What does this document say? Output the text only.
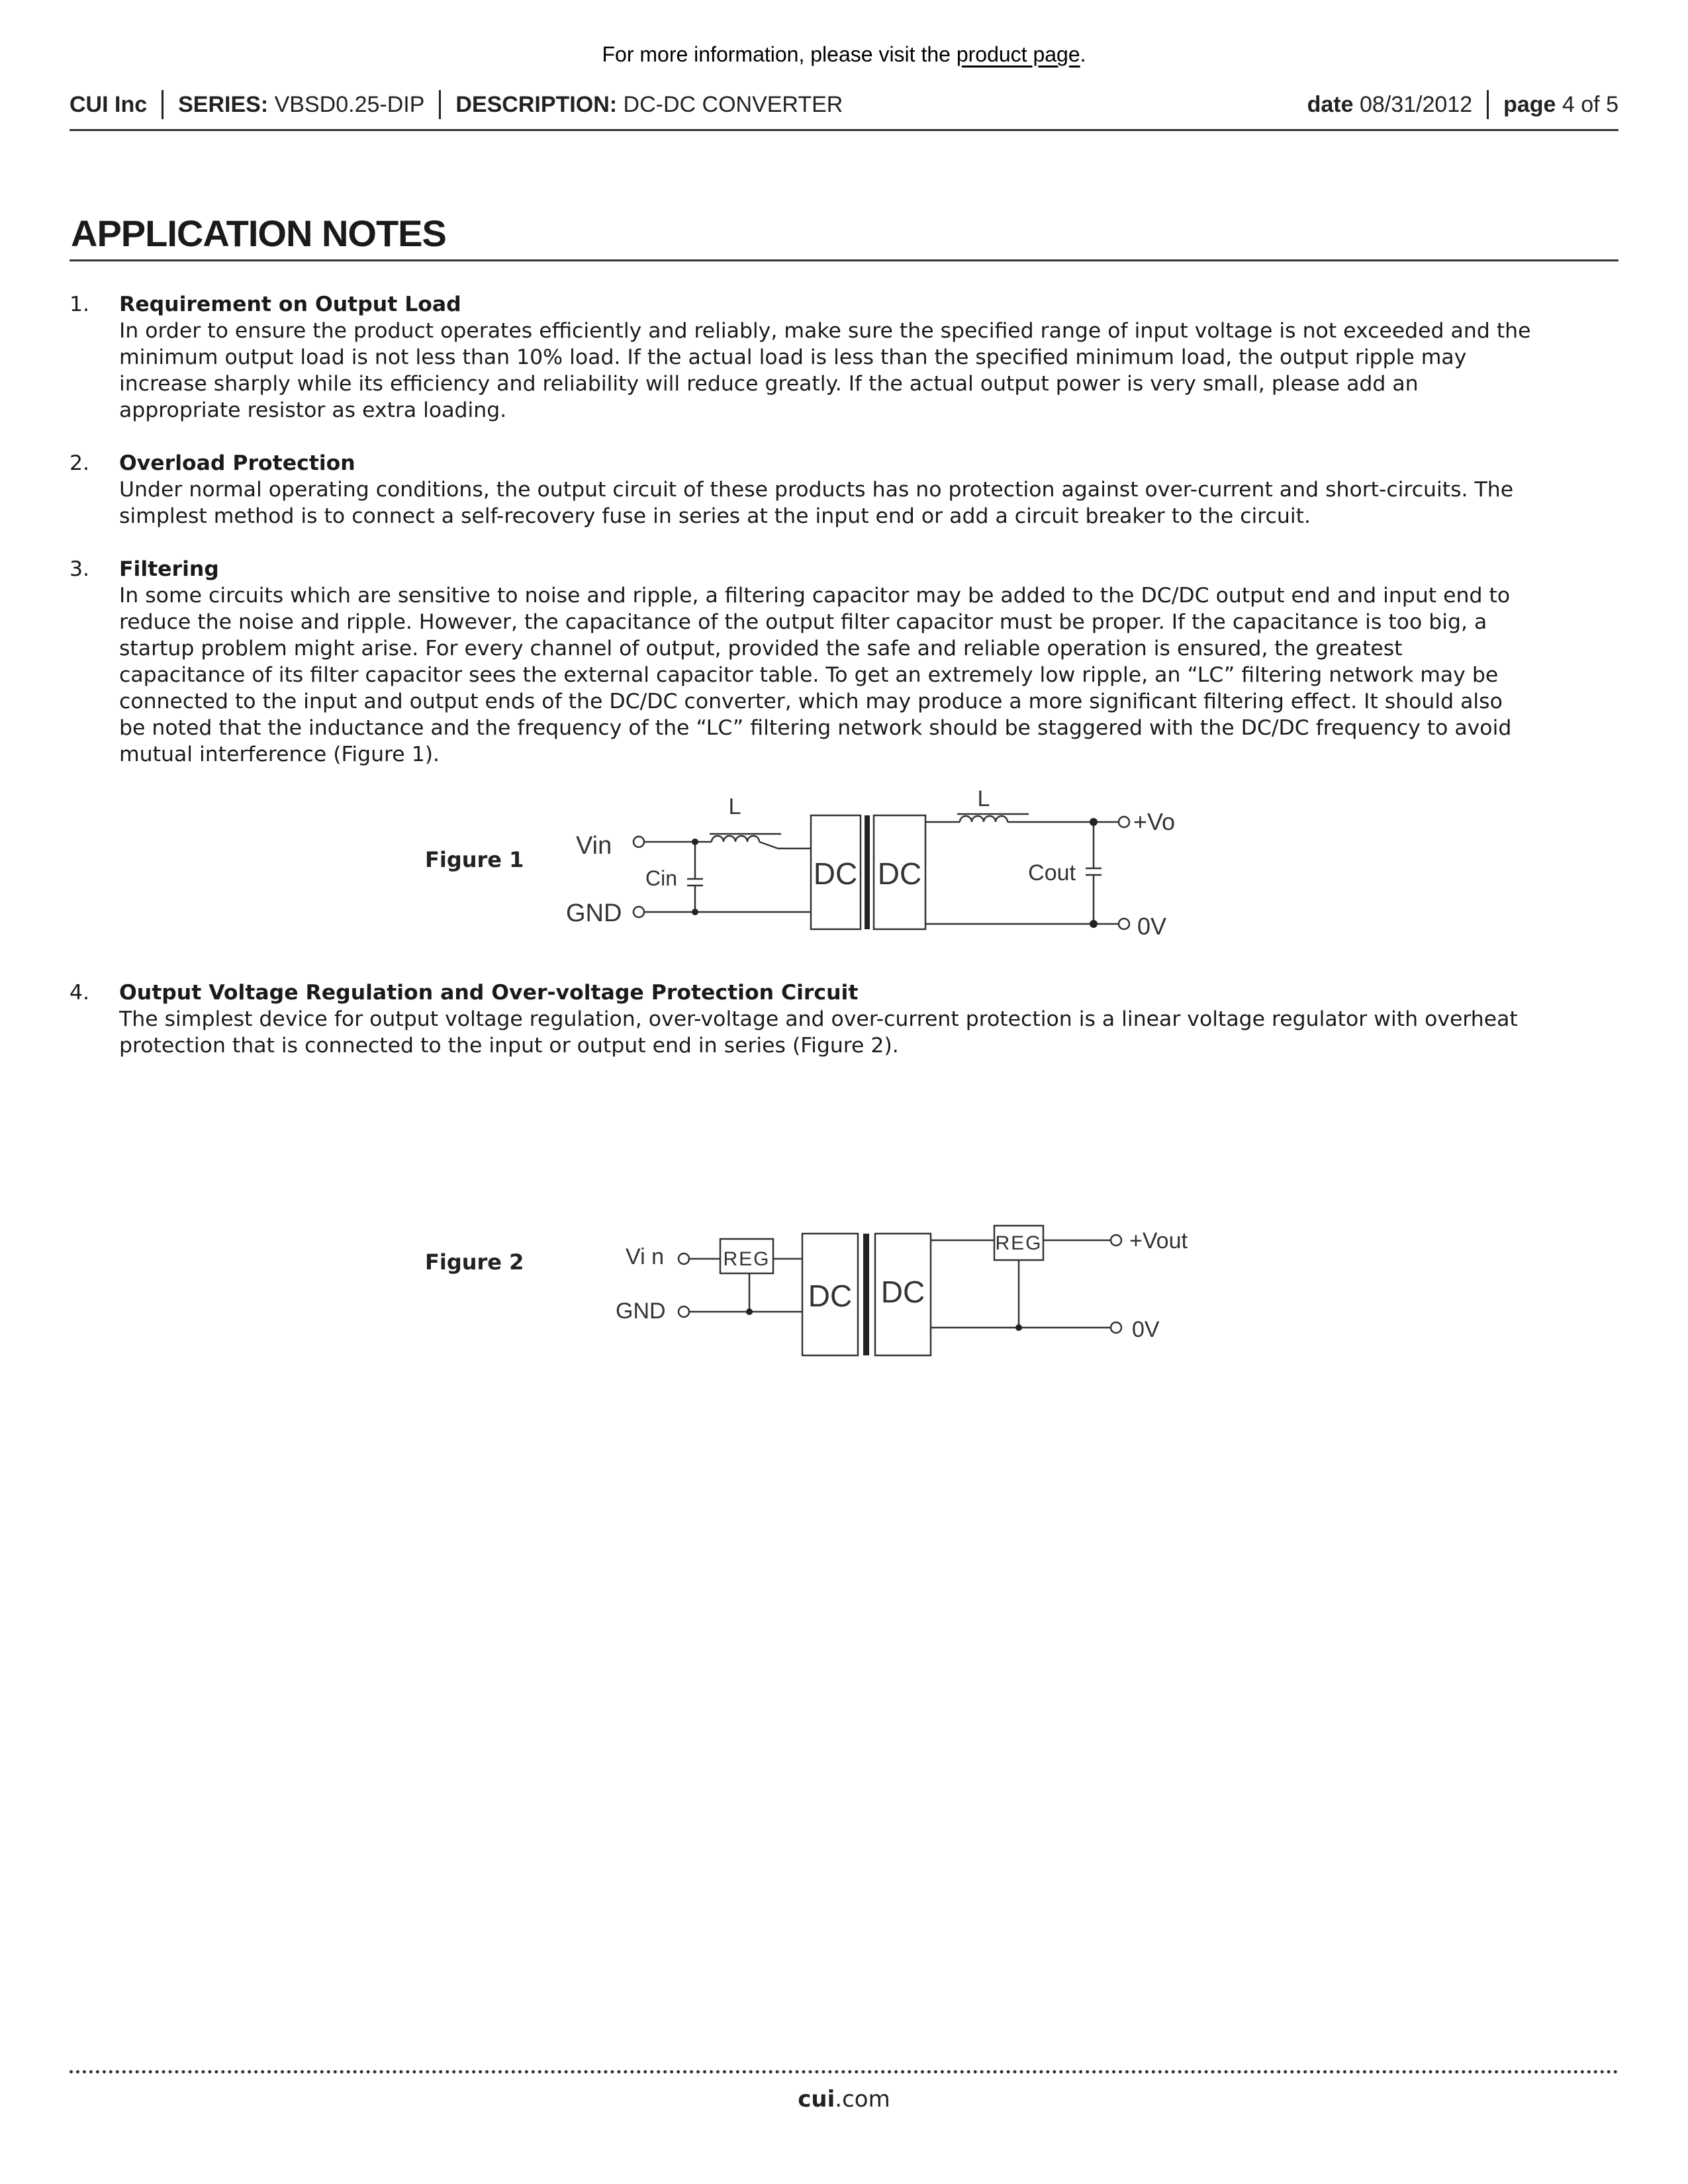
For more information, please visit the product page.
CUI Inc SERIES:
VBSD0.25-DIP DESCRIPTION:
DC-DC CONVERTER	date
08/31/2012 page
4 of 5
APPLICATION NOTES
1. Requirement on Output Load

In order to ensure the product operates efficiently and reliably, make sure the specified range of input voltage is not exceeded and the

minimum output load is not less than 10% load. If the actual load is less than the specified minimum load, the output ripple may

increase sharply while its efficiency and reliability will reduce greatly. If the actual output power is very small, please add an

appropriate resistor as extra loading.

2. Overload Protection

Under normal operating conditions, the output circuit of these products has no protection against over-current and short-circuits. The

simplest method is to connect a self-recovery fuse in series at the input end or add a circuit breaker to the circuit.

3. Filtering

In some circuits which are sensitive to noise and ripple, a filtering capacitor may be added to the DC/DC output end and input end to

reduce the noise and ripple. However, the capacitance of the output filter capacitor must be proper. If the capacitance is too big, a

startup problem might arise. For every channel of output, provided the safe and reliable operation is ensured, the greatest

capacitance of its filter capacitor sees the external capacitor table. To get an extremely low ripple, an “LC” filtering network may be

connected to the input and output ends of the DC/DC converter, which may produce a more significant filtering effect. It should also

be noted that the inductance and the frequency of the “LC” filtering network should be staggered with the DC/DC frequency to avoid

mutual interference (Figure 1).

4. Output Voltage Regulation and Over-voltage Protection Circuit

The simplest device for output voltage regulation, over-voltage and over-current protection is a linear voltage regulator with overheat

protection that is connected to the input or output end in series (Figure 2).

Figure 1 Vin
GND
L	L
Cin	Cout
DC DC
+Vo
0V
Figure 2	Vi n
GND
REG
REG
DC DC
+Vout
0V
cui.com
